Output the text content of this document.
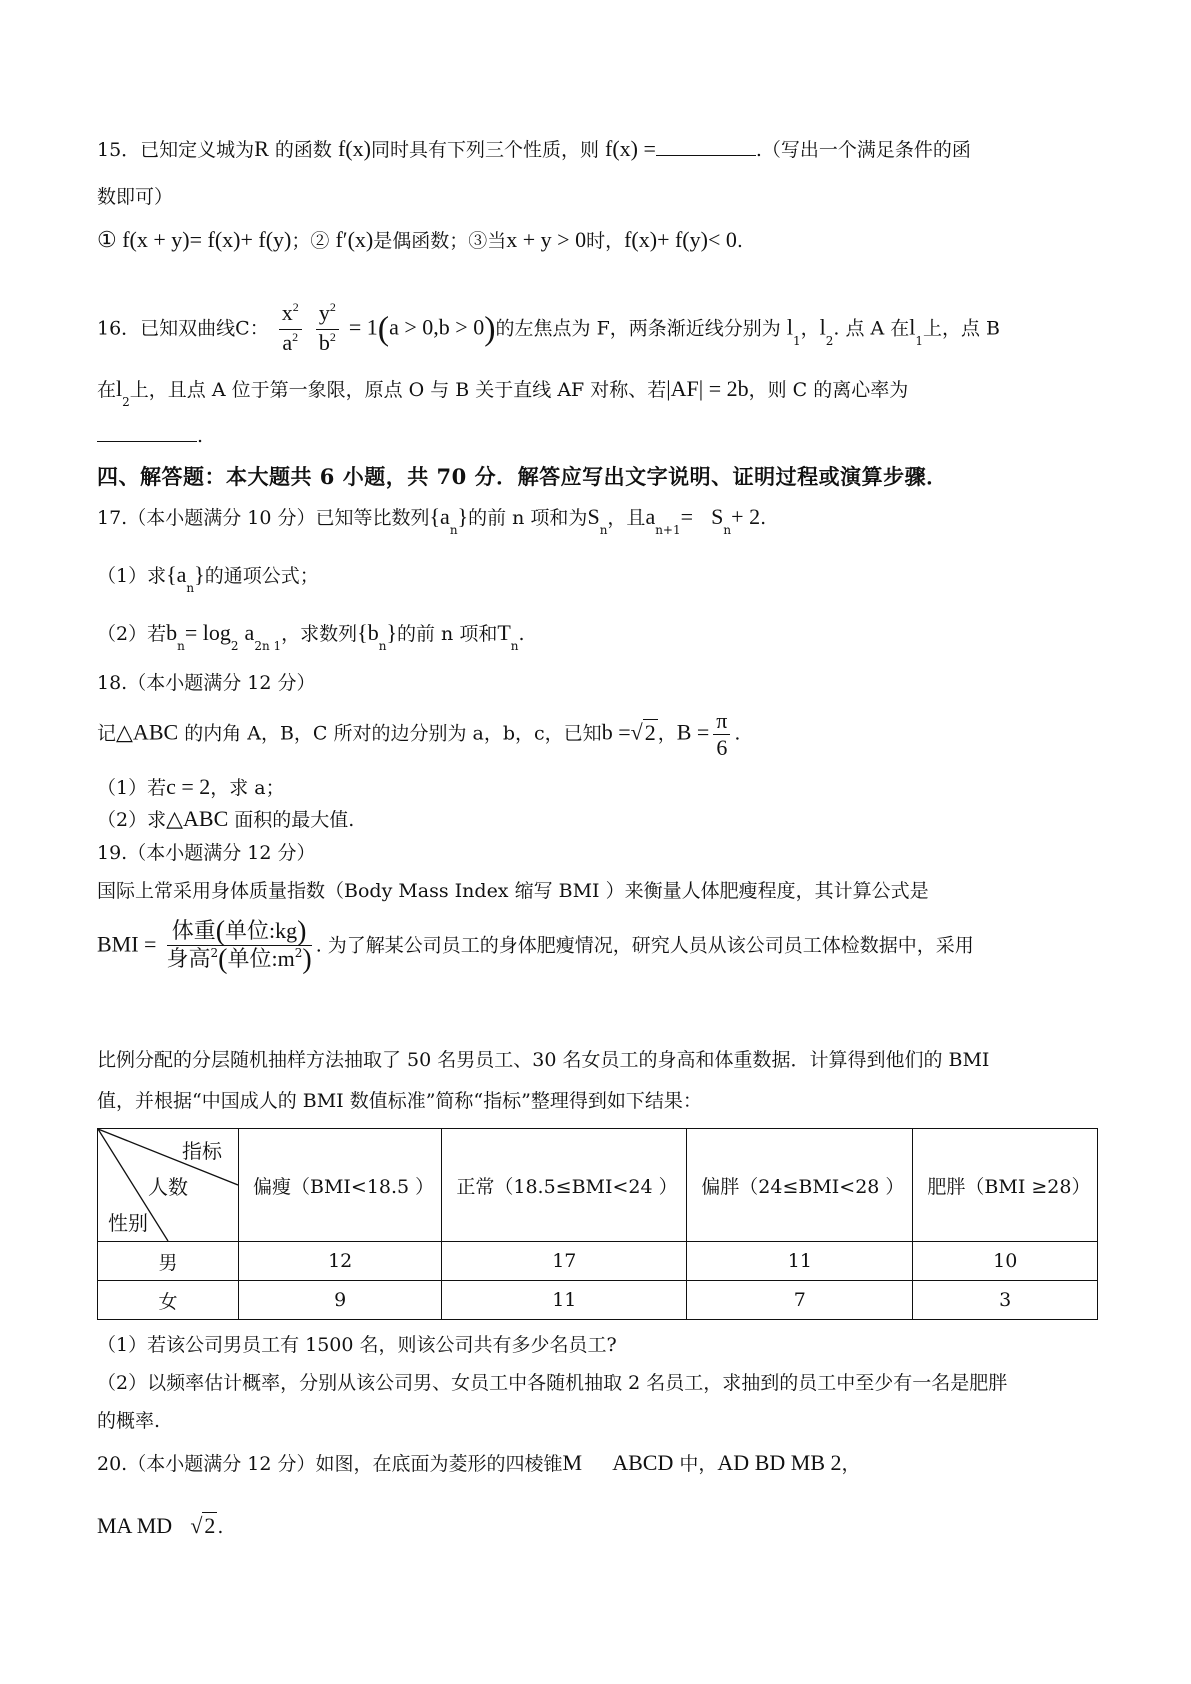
15．已知定义城为R 的函数 f(x)同时具有下列三个性质，则 f(x) =	.（写出一个满足条件的函
数即可）
① f(x + y)= f(x)+ f(y)；② f′(x)是偶函数；③当x + y > 0时，f(x)+ f(y)< 0.
16．已知双曲线C： $\frac{x^2}{a^2}$
$\frac{y^2}{b^2} = 1(a > 0,b > 0)$的左焦点为 F，两条渐近线分别为 $l_1$，$l_2$. 点 A 在$l_1$上，点 B
在$l_2$上，且点 A 位于第一象限，原点 O 与 B 关于直线 AF 对称、若|AF| = 2b，则 C 的离心率为
.
四、解答题：本大题共 6 小题，共 70 分．解答应写出文字说明、证明过程或演算步骤．
17.（本小题满分 10 分）已知等比数列$\{a_n\}$的前 n 项和为$S_n$，且$a_{n+1}= S_n+ 2$.
（1）求$\{a_n\}$的通项公式；
（2）若$b_n= \log_2 a_{2n 1}$，求数列$\{b_n\}$的前 n 项和$T_n$.
18.（本小题满分 12 分）
记△ABC 的内角 A，B，C 所对的边分别为 a，b，c，已知b =√2 ，$B = \frac{\pi}{6}$ .
（1）若c = 2，求 a；
（2）求△ABC 面积的最大值.
19.（本小题满分 12 分）
国际上常采用身体质量指数（Body Mass Index 缩写 BMI ）来衡量人体肥瘦程度，其计算公式是
BMI = $\frac{\text{体重(单位:kg)}}{身高^2(单位:m^2)}$ . 为了解某公司员工的身体肥瘦情况，研究人员从该公司员工体检数据中，采用
比例分配的分层随机抽样方法抽取了 50 名男员工、30 名女员工的身高和体重数据．计算得到他们的 BMI
值，并根据“中国成人的 BMI 数值标准”简称“指标”整理得到如下结果：
指标
人数
性别	偏瘦（BMI<18.5 ）	正常（18.5≤BMI<24 ）	偏胖（24≤BMI<28 ）	肥胖（BMI ≥28）
男	12	17	11	10
女	9	11	7	3
（1）若该公司男员工有 1500 名，则该公司共有多少名员工?
（2）以频率估计概率，分别从该公司男、女员工中各随机抽取 2 名员工，求抽到的员工中至少有一名是肥胖
的概率.
20.（本小题满分 12 分）如图，在底面为菱形的四棱锥M ABCD 中，AD BD MB 2，
MA MD √2 .
